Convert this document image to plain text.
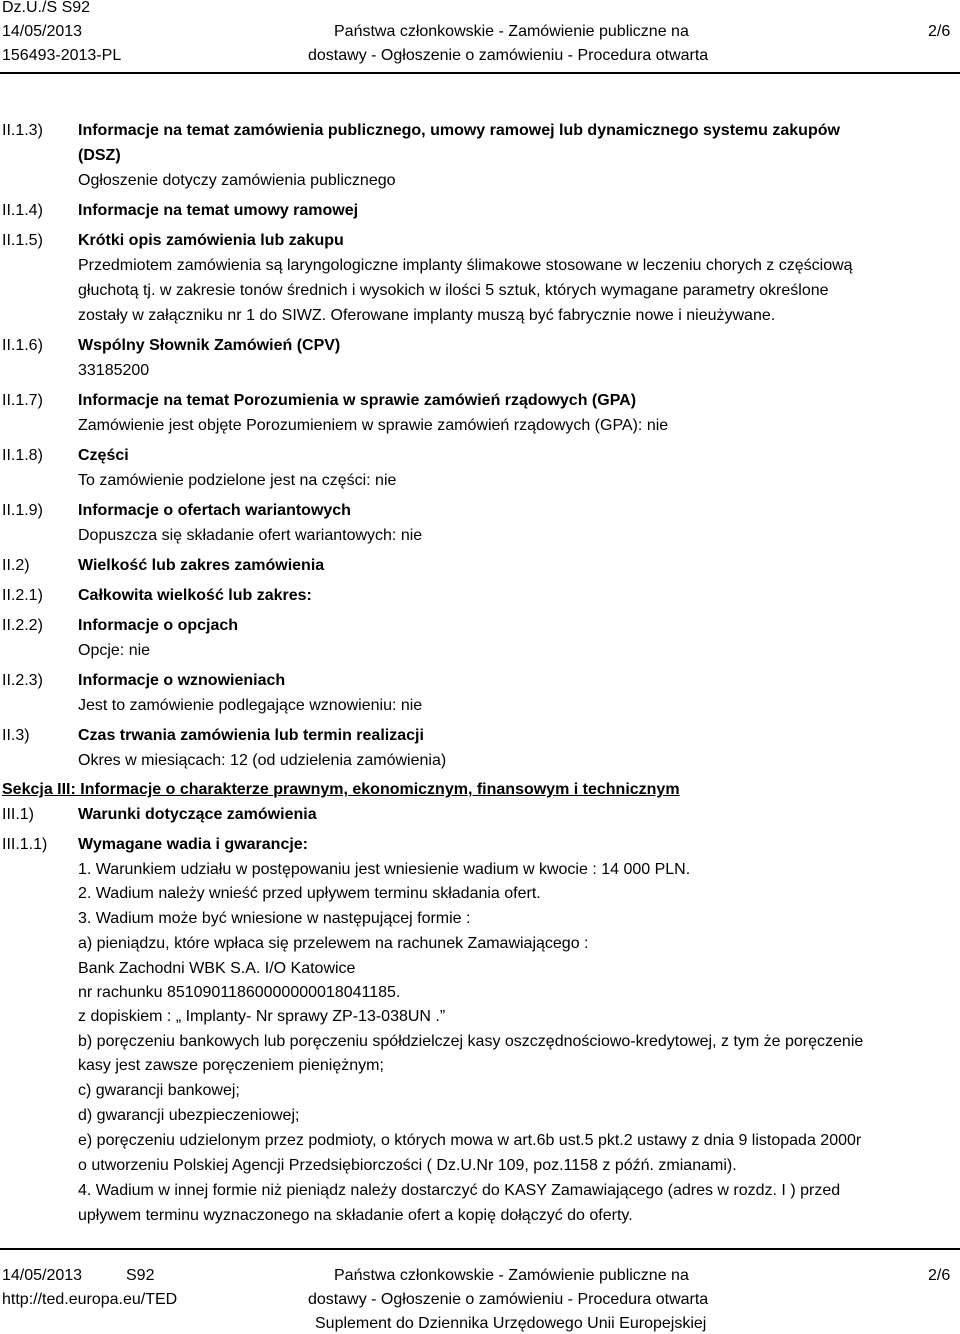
Dz.U./S S92
14/05/2013
156493-2013-PL
Państwa członkowskie - Zamówienie publiczne na
dostawy - Ogłoszenie o zamówieniu - Procedura otwarta
2/6
II.1.3) Informacje na temat zamówienia publicznego, umowy ramowej lub dynamicznego systemu zakupów
(DSZ)
Ogłoszenie dotyczy zamówienia publicznego
II.1.4) Informacje na temat umowy ramowej
II.1.5) Krótki opis zamówienia lub zakupu
Przedmiotem zamówienia są laryngologiczne implanty ślimakowe stosowane w leczeniu chorych z częściową
głuchotą tj. w zakresie tonów średnich i wysokich w ilości 5 sztuk, których wymagane parametry określone
zostały w załączniku nr 1 do SIWZ. Oferowane implanty muszą być fabrycznie nowe i nieużywane.
II.1.6) Wspólny Słownik Zamówień (CPV)
33185200
II.1.7) Informacje na temat Porozumienia w sprawie zamówień rządowych (GPA)
Zamówienie jest objęte Porozumieniem w sprawie zamówień rządowych (GPA): nie
II.1.8) Części
To zamówienie podzielone jest na części: nie
II.1.9) Informacje o ofertach wariantowych
Dopuszcza się składanie ofert wariantowych: nie
II.2)	Wielkość lub zakres zamówienia
II.2.1) Całkowita wielkość lub zakres:
II.2.2) Informacje o opcjach
Opcje: nie
II.2.3) Informacje o wznowieniach
Jest to zamówienie podlegające wznowieniu: nie
II.3)	Czas trwania zamówienia lub termin realizacji
Okres w miesiącach: 12 (od udzielenia zamówienia)
Sekcja III: Informacje o charakterze prawnym, ekonomicznym, finansowym i technicznym
III.1)	Warunki dotyczące zamówienia
III.1.1) Wymagane wadia i gwarancje:
1. Warunkiem udziału w postępowaniu jest wniesienie wadium w kwocie : 14 000 PLN.
2. Wadium należy wnieść przed upływem terminu składania ofert.
3. Wadium może być wniesione w następującej formie :
a) pieniądzu, które wpłaca się przelewem na rachunek Zamawiającego :
Bank Zachodni WBK S.A. I/O Katowice
nr rachunku 85109011860000000018041185.
z dopiskiem : „ Implanty- Nr sprawy ZP-13-038UN .”
b) poręczeniu bankowych lub poręczeniu spółdzielczej kasy oszczędnościowo-kredytowej, z tym że poręczenie
kasy jest zawsze poręczeniem pieniężnym;
c) gwarancji bankowej;
d) gwarancji ubezpieczeniowej;
e) poręczeniu udzielonym przez podmioty, o których mowa w art.6b ust.5 pkt.2 ustawy z dnia 9 listopada 2000r
o utworzeniu Polskiej Agencji Przedsiębiorczości ( Dz.U.Nr 109, poz.1158 z późń. zmianami).
4. Wadium w innej formie niż pieniądz należy dostarczyć do KASY Zamawiającego (adres w rozdz. I ) przed
upływem terminu wyznaczonego na składanie ofert a kopię dołączyć do oferty.
14/05/2013	S92
http://ted.europa.eu/TED
Państwa członkowskie - Zamówienie publiczne na
dostawy - Ogłoszenie o zamówieniu - Procedura otwarta
Suplement do Dziennika Urzędowego Unii Europejskiej
2/6
